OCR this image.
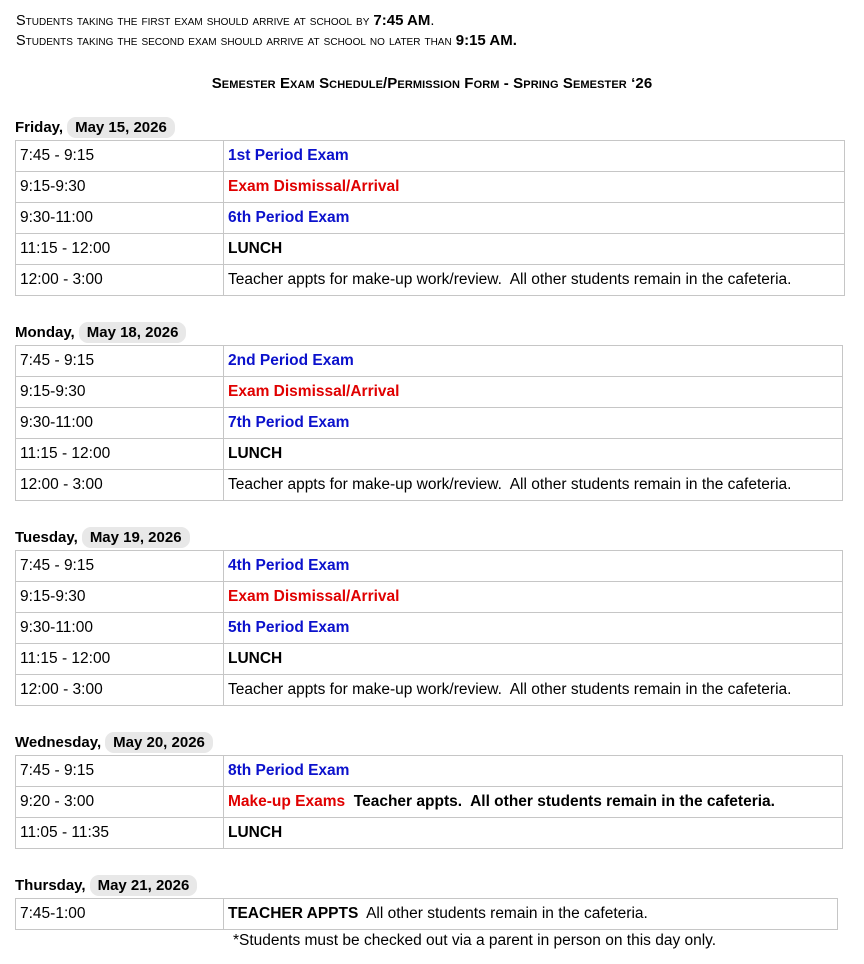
Students taking the first exam should arrive at school by 7:45 AM.
Students taking the second exam should arrive at school no later than 9:15 AM.
Semester Exam Schedule/Permission Form - Spring Semester ‘26
Friday, May 15, 2026
7:45 - 9:15	1st Period Exam
9:15-9:30	Exam Dismissal/Arrival
9:30-11:00	6th Period Exam
11:15 - 12:00	LUNCH
12:00 - 3:00	Teacher appts for make-up work/review.  All other students remain in the cafeteria.
Monday, May 18, 2026
7:45 - 9:15	2nd Period Exam
9:15-9:30	Exam Dismissal/Arrival
9:30-11:00	7th Period Exam
11:15 - 12:00	LUNCH
12:00 - 3:00	Teacher appts for make-up work/review.  All other students remain in the cafeteria.
Tuesday, May 19, 2026
7:45 - 9:15	4th Period Exam
9:15-9:30	Exam Dismissal/Arrival
9:30-11:00	5th Period Exam
11:15 - 12:00	LUNCH
12:00 - 3:00	Teacher appts for make-up work/review.  All other students remain in the cafeteria.
Wednesday, May 20, 2026
7:45 - 9:15	8th Period Exam
9:20 - 3:00	Make-up Exams  Teacher appts.  All other students remain in the cafeteria.
11:05 - 11:35	LUNCH
Thursday, May 21, 2026
7:45-1:00	TEACHER APPTS  All other students remain in the cafeteria.
*Students must be checked out via a parent in person on this day only.
